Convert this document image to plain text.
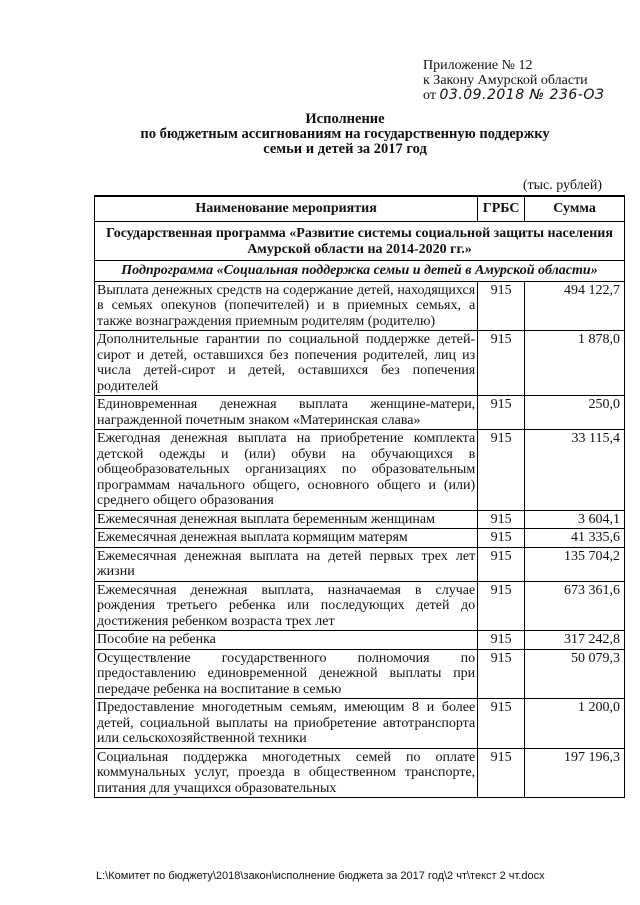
Приложение № 12
к Закону Амурской области
от 03.09.2018 № 236-ОЗ
Исполнение
по бюджетным ассигнованиям на государственную поддержку
семьи и детей за 2017 год
(тыс. рублей)
Наименование мероприятия	ГРБС	Сумма
Государственная программа «Развитие системы социальной защиты населения Амурской области на 2014-2020 гг.»		
Подпрограмма «Социальная поддержка семьи и детей в Амурской области»		
Выплата денежных средств на содержание детей, находящихся в семьях опекунов (попечителей) и в приемных семьях, а также вознаграждения приемным родителям (родителю)	915	494 122,7
Дополнительные гарантии по социальной поддержке детей-сирот и детей, оставшихся без попечения родителей, лиц из числа детей-сирот и детей, оставшихся без попечения родителей	915	1 878,0
Единовременная денежная выплата женщине-матери, награжденной почетным знаком «Материнская слава»	915	250,0
Ежегодная денежная выплата на приобретение комплекта детской одежды и (или) обуви на обучающихся в общеобразовательных организациях по образовательным программам начального общего, основного общего и (или) среднего общего образования	915	33 115,4
Ежемесячная денежная выплата беременным женщинам	915	3 604,1
Ежемесячная денежная выплата кормящим матерям	915	41 335,6
Ежемесячная денежная выплата на детей первых трех лет жизни	915	135 704,2
Ежемесячная денежная выплата, назначаемая в случае рождения третьего ребенка или последующих детей до достижения ребенком возраста трех лет	915	673 361,6
Пособие на ребенка	915	317 242,8
Осуществление государственного полномочия по предоставлению единовременной денежной выплаты при передаче ребенка на воспитание в семью	915	50 079,3
Предоставление многодетным семьям, имеющим 8 и более детей, социальной выплаты на приобретение автотранспорта или сельскохозяйственной техники	915	1 200,0
Социальная поддержка многодетных семей по оплате коммунальных услуг, проезда в общественном транспорте, питания для учащихся образовательных	915	197 196,3
L:\Комитет по бюджету\2018\закон\исполнение бюджета за 2017 год\2 чт\текст 2 чт.docx
